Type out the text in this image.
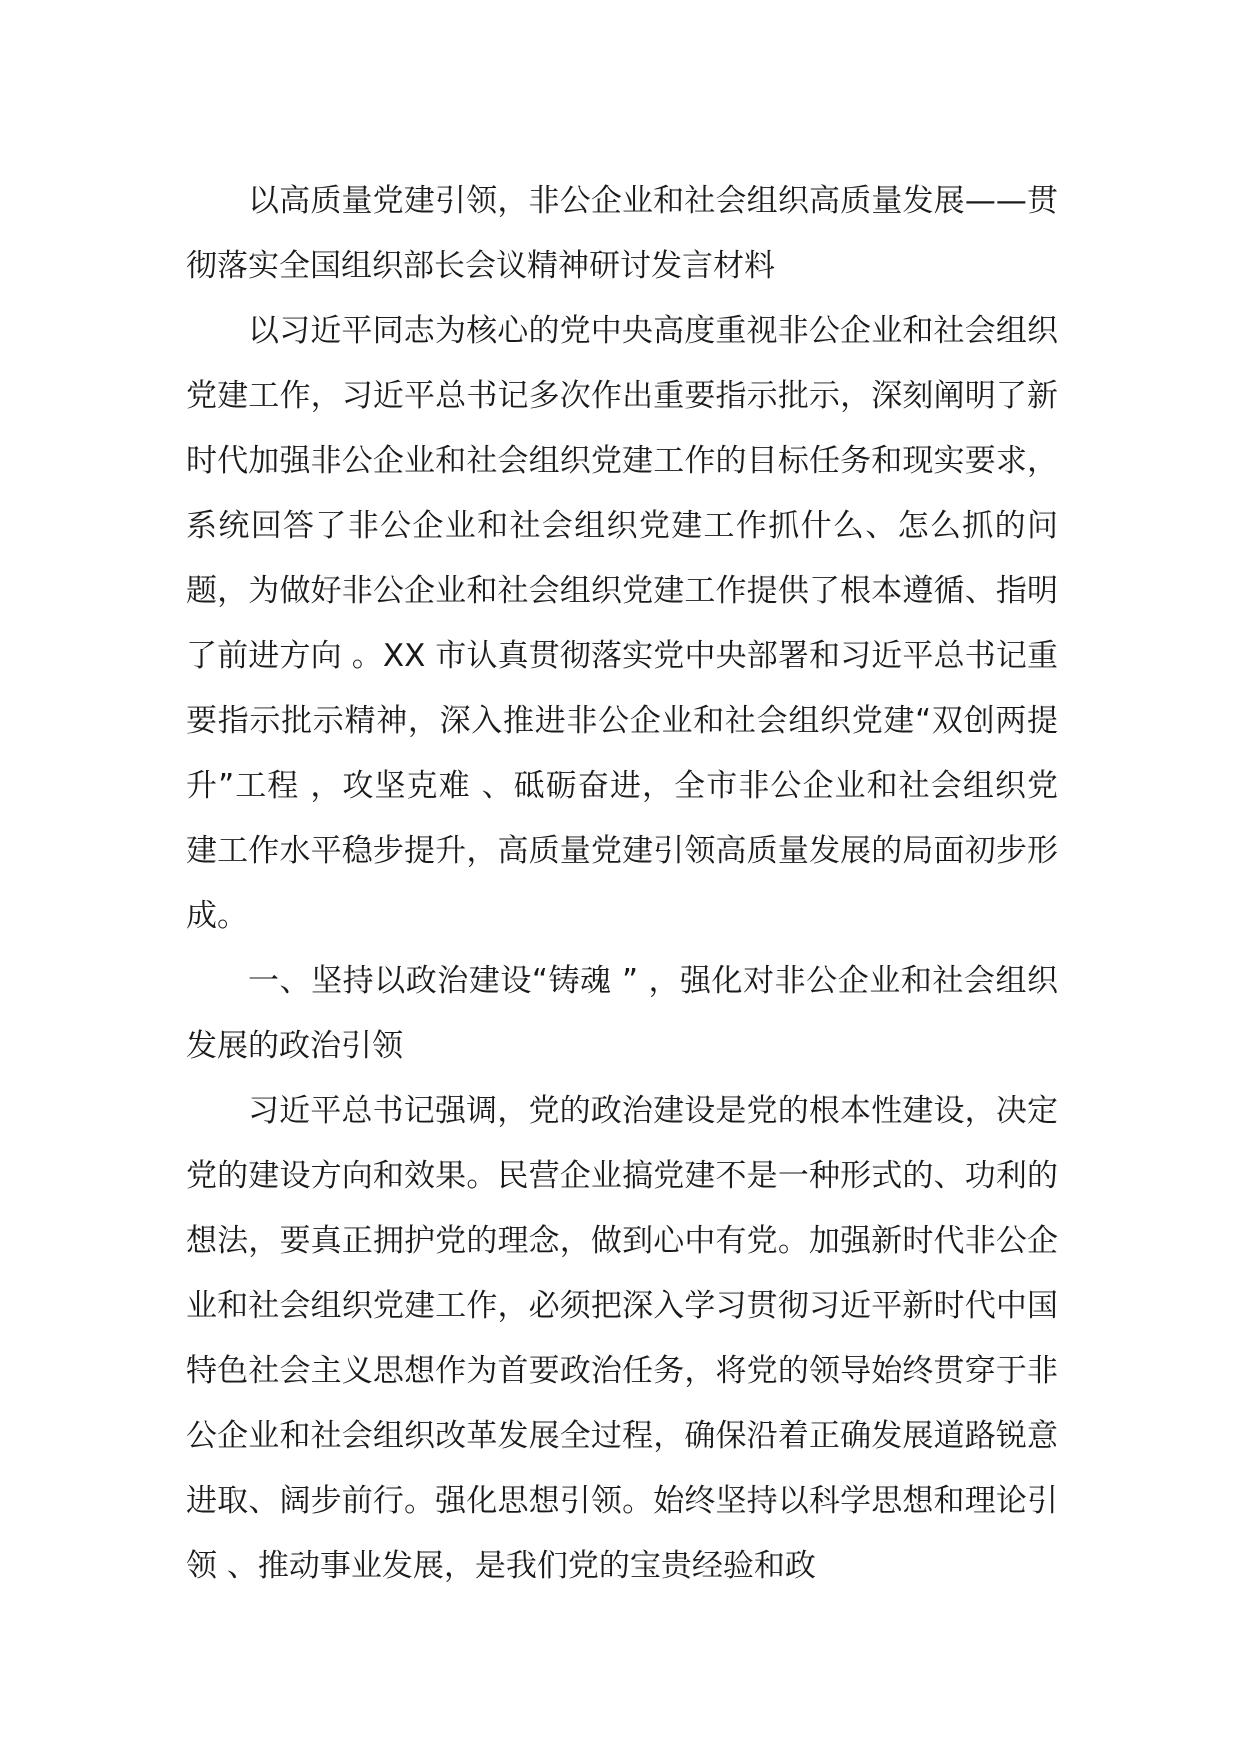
以高质量党建引领，非公企业和社会组织高质量发展——贯彻落实全国组织部长会议精神研讨发言材料

以习近平同志为核心的党中央高度重视非公企业和社会组织党建工作，习近平总书记多次作出重要指示批示，深刻阐明了新时代加强非公企业和社会组织党建工作的目标任务和现实要求，系统回答了非公企业和社会组织党建工作抓什么、怎么抓的问题，为做好非公企业和社会组织党建工作提供了根本遵循、指明了前进方向 。XX 市认真贯彻落实党中央部署和习近平总书记重要指示批示精神，深入推进非公企业和社会组织党建“双创两提升”工程 ，攻坚克难 、砥砺奋进，全市非公企业和社会组织党建工作水平稳步提升，高质量党建引领高质量发展的局面初步形成。

一、坚持以政治建设“铸魂 ” ，强化对非公企业和社会组织发展的政治引领

习近平总书记强调，党的政治建设是党的根本性建设，决定党的建设方向和效果。民营企业搞党建不是一种形式的、功利的想法，要真正拥护党的理念，做到心中有党。加强新时代非公企业和社会组织党建工作，必须把深入学习贯彻习近平新时代中国特色社会主义思想作为首要政治任务，将党的领导始终贯穿于非公企业和社会组织改革发展全过程，确保沿着正确发展道路锐意进取、阔步前行。强化思想引领。始终坚持以科学思想和理论引领 、推动事业发展，是我们党的宝贵经验和政
